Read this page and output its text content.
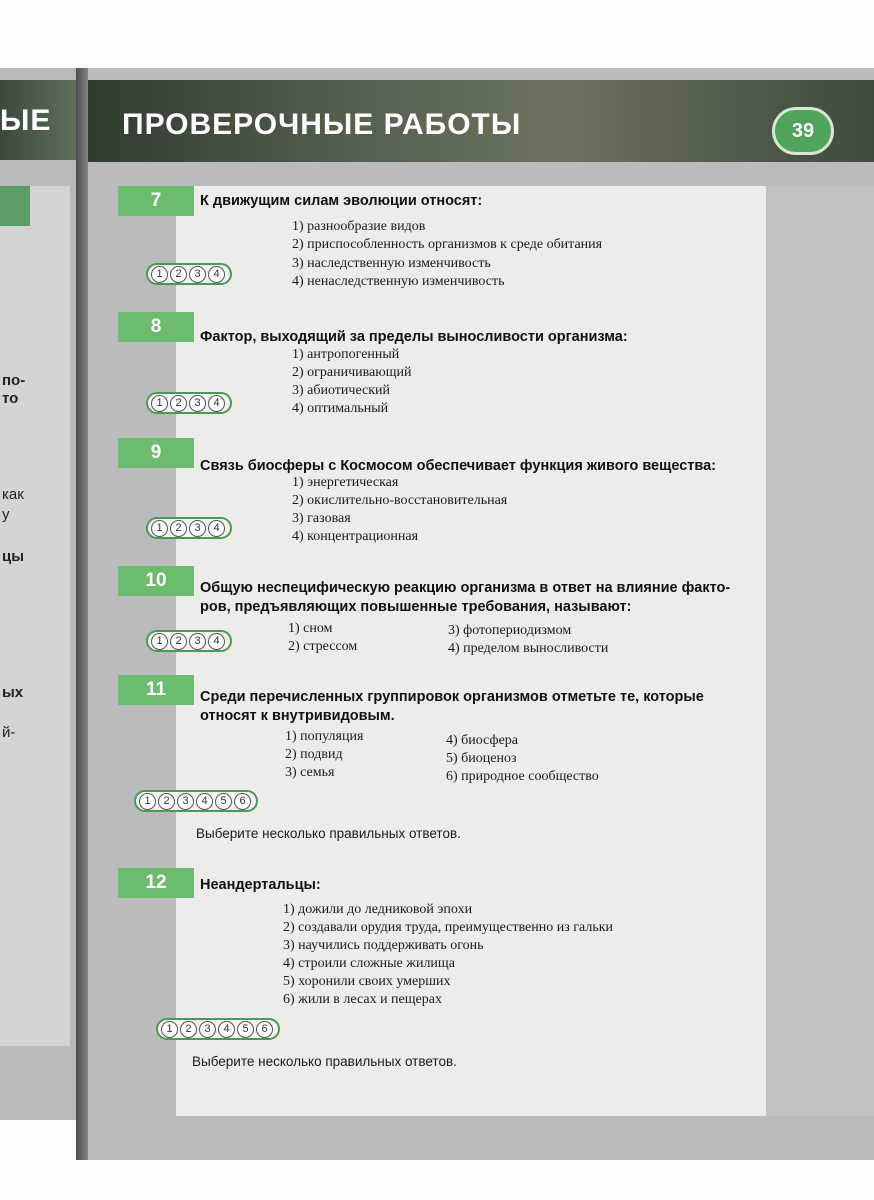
ЫЕ
по-
то
как
y
цы
ых
й-
ПРОВЕРОЧНЫЕ РАБОТЫ	39
7	К движущим силам эволюции относят:
1) разнообразие видов
2) приспособленность организмов к среде обитания
3) наследственную изменчивость
4) ненаследственную изменчивость
1	2	3	4
8	Фактор, выходящий за пределы выносливости организма:
1) антропогенный
2) ограничивающий
3) абиотический
4) оптимальный
1	2	3	4
9
Связь биосферы с Космосом обеспечивает функция живого вещества:
1) энергетическая
2) окислительно-восстановительная
3) газовая
4) концентрационная
1	2	3	4
10	Общую неспецифическую реакцию организма в ответ на влияние факто-
ров, предъявляющих повышенные требования, называют:
1) сном
2) стрессом
3) фотопериодизмом
4) пределом выносливости
1	2	3	4
11	Среди перечисленных группировок организмов отметьте те, которые
относят к внутривидовым.
1) популяция
2) подвид
3) семья
4) биосфера
5) биоценоз
6) природное сообщество
1	2	3	4	5	6
Выберите несколько правильных ответов.
12	Неандертальцы:
1) дожили до ледниковой эпохи
2) создавали орудия труда, преимущественно из гальки
3) научились поддерживать огонь
4) строили сложные жилища
5) хоронили своих умерших
6) жили в лесах и пещерах
1	2	3	4	5	6
Выберите несколько правильных ответов.
